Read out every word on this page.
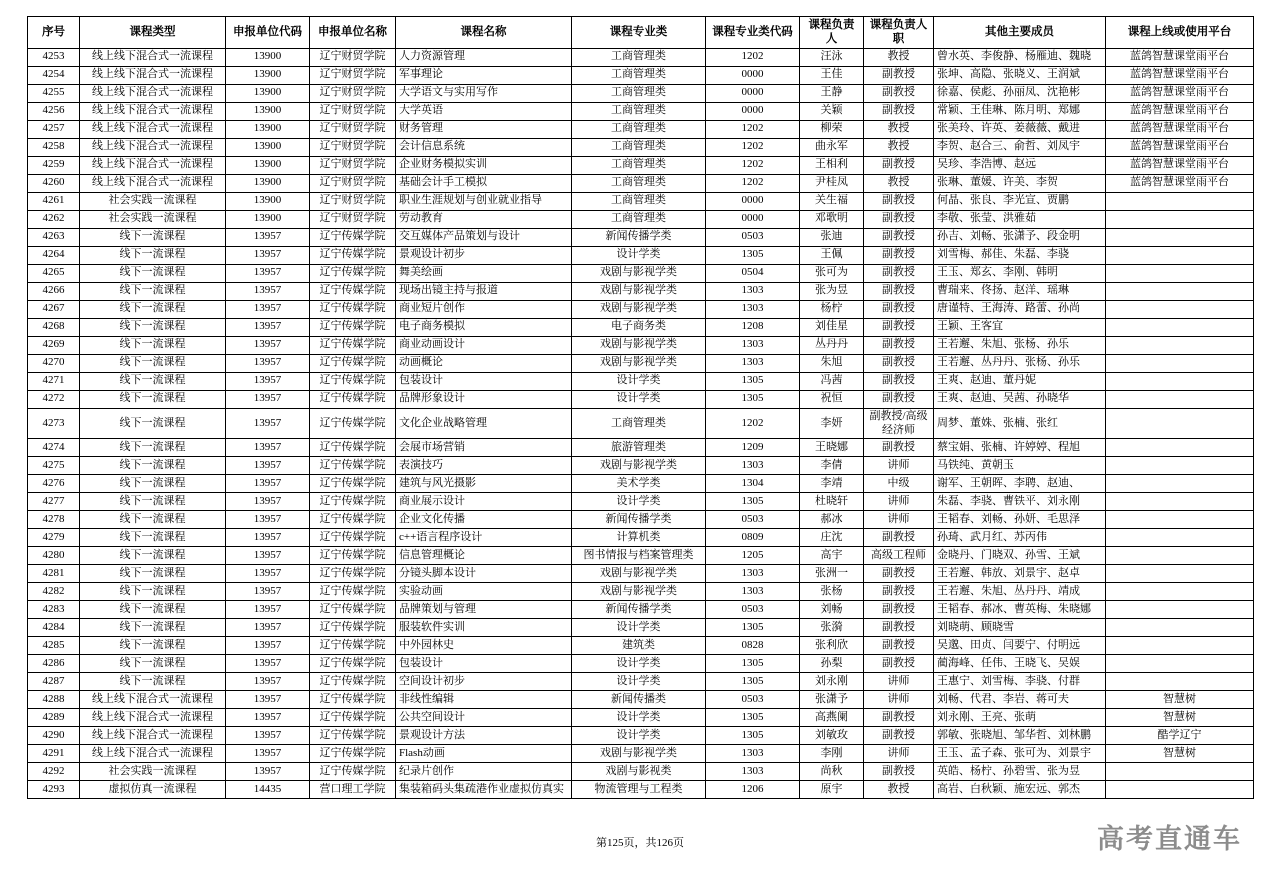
序号	课程类型	申报单位代码	申报单位名称	课程名称	课程专业类	课程专业类代码	课程负责人	课程负责人职	其他主要成员	课程上线或使用平台
4253	线上线下混合式一流课程	13900	辽宁财贸学院	人力资源管理	工商管理类	1202	汪泳	教授	曾水英、李俊静、杨雁迪、魏晓	蓝鸽智慧课堂雨平台
4254	线上线下混合式一流课程	13900	辽宁财贸学院	军事理论	工商管理类	0000	王佳	副教授	张坤、高隐、张晓义、王润斌	蓝鸽智慧课堂雨平台
4255	线上线下混合式一流课程	13900	辽宁财贸学院	大学语文与实用写作	工商管理类	0000	王静	副教授	徐嘉、侯彪、孙丽凤、沈艳彬	蓝鸽智慧课堂雨平台
4256	线上线下混合式一流课程	13900	辽宁财贸学院	大学英语	工商管理类	0000	关颖	副教授	常颖、王佳琳、陈月明、郑娜	蓝鸽智慧课堂雨平台
4257	线上线下混合式一流课程	13900	辽宁财贸学院	财务管理	工商管理类	1202	柳荣	教授	张美玲、许英、姜薇薇、戴进	蓝鸽智慧课堂雨平台
4258	线上线下混合式一流课程	13900	辽宁财贸学院	会计信息系统	工商管理类	1202	曲永军	教授	李贺、赵合三、俞哲、刘凤宇	蓝鸽智慧课堂雨平台
4259	线上线下混合式一流课程	13900	辽宁财贸学院	企业财务模拟实训	工商管理类	1202	王相利	副教授	吴珍、李浩博、赵远	蓝鸽智慧课堂雨平台
4260	线上线下混合式一流课程	13900	辽宁财贸学院	基础会计手工模拟	工商管理类	1202	尹桂凤	教授	张琳、董媛、许美、李贺	蓝鸽智慧课堂雨平台
4261	社会实践一流课程	13900	辽宁财贸学院	职业生涯规划与创业就业指导	工商管理类	0000	关生福	副教授	何晶、张良、李光宣、贾鹏	
4262	社会实践一流课程	13900	辽宁财贸学院	劳动教育	工商管理类	0000	邓歌明	副教授	李敬、张莹、洪雅茹	
4263	线下一流课程	13957	辽宁传媒学院	交互媒体产品策划与设计	新闻传播学类	0503	张迪	副教授	孙吉、刘畅、张潇予、段金明	
4264	线下一流课程	13957	辽宁传媒学院	景观设计初步	设计学类	1305	王佩	副教授	刘雪梅、郝佳、朱磊、李骁	
4265	线下一流课程	13957	辽宁传媒学院	舞美绘画	戏剧与影视学类	0504	张可为	副教授	王玉、郑玄、李刚、韩明	
4266	线下一流课程	13957	辽宁传媒学院	现场出镜主持与报道	戏剧与影视学类	1303	张为昱	副教授	曹瑞来、佟扬、赵洋、瑶琳	
4267	线下一流课程	13957	辽宁传媒学院	商业短片创作	戏剧与影视学类	1303	杨柠	副教授	唐谨特、王海涛、路蕾、孙尚	
4268	线下一流课程	13957	辽宁传媒学院	电子商务模拟	电子商务类	1208	刘佳星	副教授	王颖、王客宜	
4269	线下一流课程	13957	辽宁传媒学院	商业动画设计	戏剧与影视学类	1303	丛丹丹	副教授	王若邂、朱旭、张杨、孙乐	
4270	线下一流课程	13957	辽宁传媒学院	动画概论	戏剧与影视学类	1303	朱旭	副教授	王若邂、丛丹丹、张杨、孙乐	
4271	线下一流课程	13957	辽宁传媒学院	包装设计	设计学类	1305	冯茜	副教授	王爽、赵迪、董丹妮	
4272	线下一流课程	13957	辽宁传媒学院	品牌形象设计	设计学类	1305	祝恒	副教授	王爽、赵迪、吴茜、孙晓华	
4273	线下一流课程	13957	辽宁传媒学院	文化企业战略管理	工商管理类	1202	李妍	副教授/高级经济师	周梦、董姝、张楠、张红	
4274	线下一流课程	13957	辽宁传媒学院	会展市场营销	旅游管理类	1209	王晓娜	副教授	蔡宝娟、张楠、许婷婷、程旭	
4275	线下一流课程	13957	辽宁传媒学院	表演技巧	戏剧与影视学类	1303	李倩	讲师	马铁纯、黄朝玉	
4276	线下一流课程	13957	辽宁传媒学院	建筑与风光摄影	美术学类	1304	李靖	中级	谢军、王朝晖、李聘、赵迪、	
4277	线下一流课程	13957	辽宁传媒学院	商业展示设计	设计学类	1305	杜晓轩	讲师	朱磊、李骁、曹铁平、刘永刚	
4278	线下一流课程	13957	辽宁传媒学院	企业文化传播	新闻传播学类	0503	郝冰	讲师	王韬春、刘畅、孙妍、毛思泽	
4279	线下一流课程	13957	辽宁传媒学院	c++语言程序设计	计算机类	0809	庄沈	副教授	孙琦、武月红、苏丙伟	
4280	线下一流课程	13957	辽宁传媒学院	信息管理概论	图书情报与档案管理类	1205	高宇	高级工程师	金晓丹、门晓双、孙雪、王斌	
4281	线下一流课程	13957	辽宁传媒学院	分镜头脚本设计	戏剧与影视学类	1303	张洲一	副教授	王若邂、韩放、刘景宇、赵卓	
4282	线下一流课程	13957	辽宁传媒学院	实验动画	戏剧与影视学类	1303	张杨	副教授	王若邂、朱旭、丛丹丹、靖成	
4283	线下一流课程	13957	辽宁传媒学院	品牌策划与管理	新闻传播学类	0503	刘畅	副教授	王韬春、郝冰、曹英梅、朱晓娜	
4284	线下一流课程	13957	辽宁传媒学院	服装软件实训	设计学类	1305	张漪	副教授	刘晓萌、顾晓雪	
4285	线下一流课程	13957	辽宁传媒学院	中外园林史	建筑类	0828	张利欣	副教授	吴邈、田贞、闫要宁、付明远	
4286	线下一流课程	13957	辽宁传媒学院	包装设计	设计学类	1305	孙梨	副教授	蔺海峰、任伟、王晓飞、吴娱	
4287	线下一流课程	13957	辽宁传媒学院	空间设计初步	设计学类	1305	刘永刚	讲师	王惠宁、刘雪梅、李骁、付群	
4288	线上线下混合式一流课程	13957	辽宁传媒学院	非线性编辑	新闻传播类	0503	张潇予	讲师	刘畅、代君、李岩、蒋可夫	智慧树
4289	线上线下混合式一流课程	13957	辽宁传媒学院	公共空间设计	设计学类	1305	高燕阑	副教授	刘永刚、王亮、张萌	智慧树
4290	线上线下混合式一流课程	13957	辽宁传媒学院	景观设计方法	设计学类	1305	刘敏玫	副教授	郭敏、张晓旭、邹华哲、刘林鹏	酷学辽宁
4291	线上线下混合式一流课程	13957	辽宁传媒学院	Flash动画	戏剧与影视学类	1303	李刚	讲师	王玉、孟子森、张可为、刘景宇	智慧树
4292	社会实践一流课程	13957	辽宁传媒学院	纪录片创作	戏剧与影视类	1303	尚秋	副教授	英皓、杨柠、孙碧雪、张为昱	
4293	虚拟仿真一流课程	14435	营口理工学院	集装箱码头集疏港作业虚拟仿真实	物流管理与工程类	1206	原宇	教授	高岩、白秋颖、施宏远、郭杰	
第125页，共126页	高考直通车
